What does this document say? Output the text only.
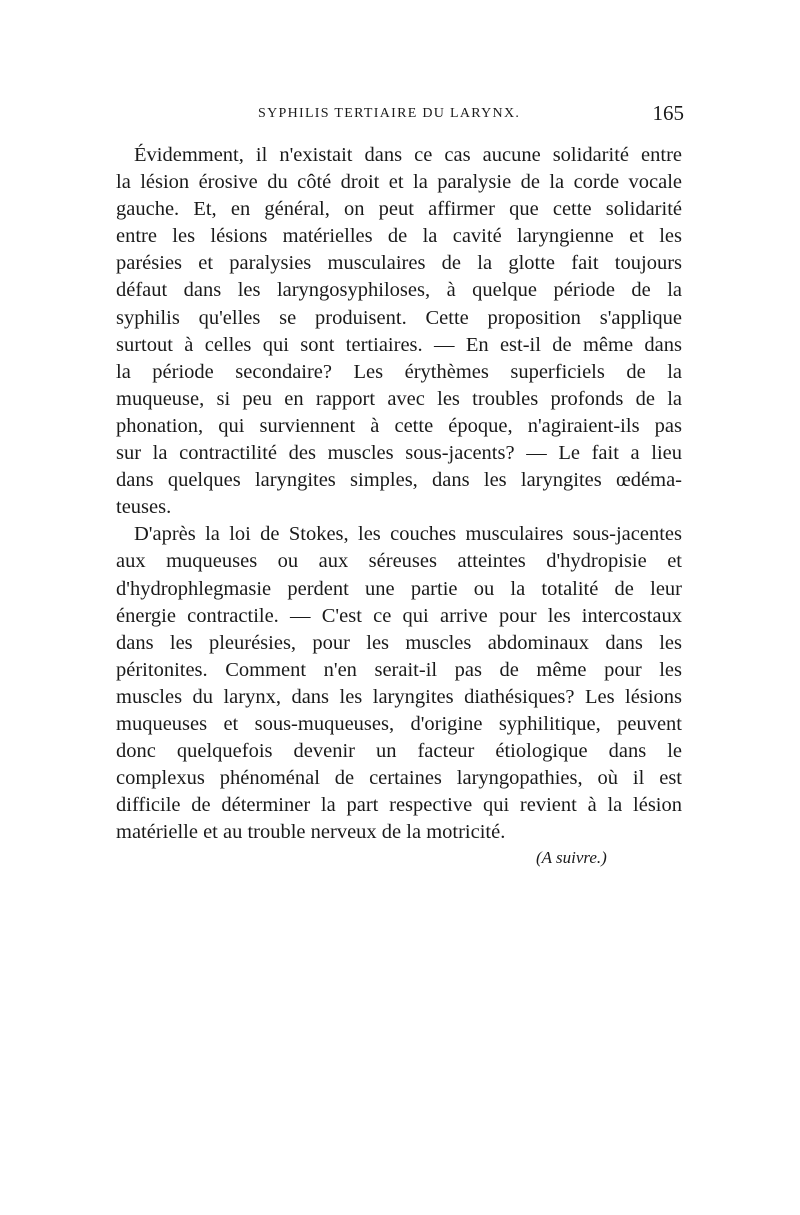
SYPHILIS TERTIAIRE DU LARYNX.	165
Évidemment, il n'existait dans ce cas aucune solidarité entre
la lésion érosive du côté droit et la paralysie de la corde vocale
gauche. Et, en général, on peut affirmer que cette solidarité
entre les lésions matérielles de la cavité laryngienne et les
parésies et paralysies musculaires de la glotte fait toujours
défaut dans les laryngosyphiloses, à quelque période de la
syphilis qu'elles se produisent. Cette proposition s'applique
surtout à celles qui sont tertiaires. — En est-il de même dans
la période secondaire? Les érythèmes superficiels de la
muqueuse, si peu en rapport avec les troubles profonds de la
phonation, qui surviennent à cette époque, n'agiraient-ils pas
sur la contractilité des muscles sous-jacents? — Le fait a lieu
dans quelques laryngites simples, dans les laryngites œdéma-
teuses.
D'après la loi de Stokes, les couches musculaires sous-jacentes
aux muqueuses ou aux séreuses atteintes d'hydropisie et
d'hydrophlegmasie perdent une partie ou la totalité de leur
énergie contractile. — C'est ce qui arrive pour les intercostaux
dans les pleurésies, pour les muscles abdominaux dans les
péritonites. Comment n'en serait-il pas de même pour les
muscles du larynx, dans les laryngites diathésiques? Les lésions
muqueuses et sous-muqueuses, d'origine syphilitique, peuvent
donc quelquefois devenir un facteur étiologique dans le
complexus phénoménal de certaines laryngopathies, où il est
difficile de déterminer la part respective qui revient à la lésion
matérielle et au trouble nerveux de la motricité.
(A suivre.)
